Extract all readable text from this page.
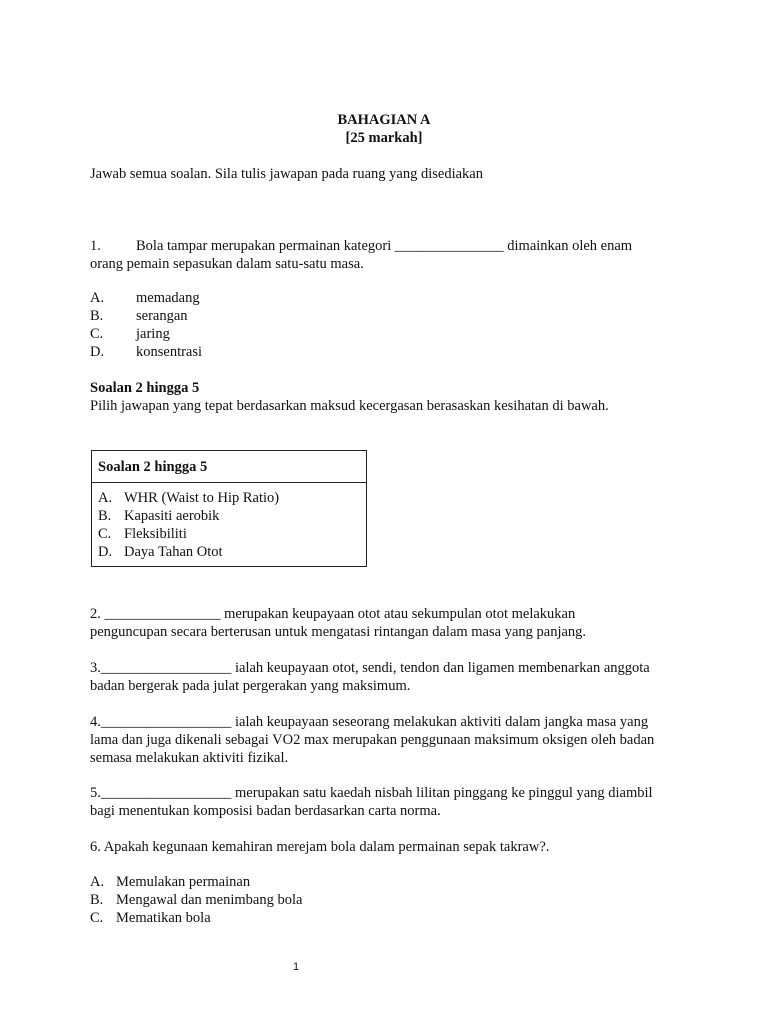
BAHAGIAN A
[25 markah]
Jawab semua soalan. Sila tulis jawapan pada ruang yang disediakan
1. Bola tampar merupakan permainan kategori _______________ dimainkan oleh enam
orang pemain sepasukan dalam satu-satu masa.
A. memadang
B. serangan
C. jaring
D. konsentrasi
Soalan 2 hingga 5
Pilih jawapan yang tepat berdasarkan maksud kecergasan berasaskan kesihatan di bawah.
Soalan 2 hingga 5
A. WHR (Waist to Hip Ratio)
B. Kapasiti aerobik
C. Fleksibiliti
D. Daya Tahan Otot
2. ________________ merupakan keupayaan otot atau sekumpulan otot melakukan
penguncupan secara berterusan untuk mengatasi rintangan dalam masa yang panjang.
3.__________________ ialah keupayaan otot, sendi, tendon dan ligamen membenarkan anggota
badan bergerak pada julat pergerakan yang maksimum.
4.__________________ ialah keupayaan seseorang melakukan aktiviti dalam jangka masa yang
lama dan juga dikenali sebagai VO2 max merupakan penggunaan maksimum oksigen oleh badan
semasa melakukan aktiviti fizikal.
5.__________________ merupakan satu kaedah nisbah lilitan pinggang ke pinggul yang diambil
bagi menentukan komposisi badan berdasarkan carta norma.
6. Apakah kegunaan kemahiran merejam bola dalam permainan sepak takraw?.
A. Memulakan permainan
B. Mengawal dan menimbang bola
C. Mematikan bola
1
